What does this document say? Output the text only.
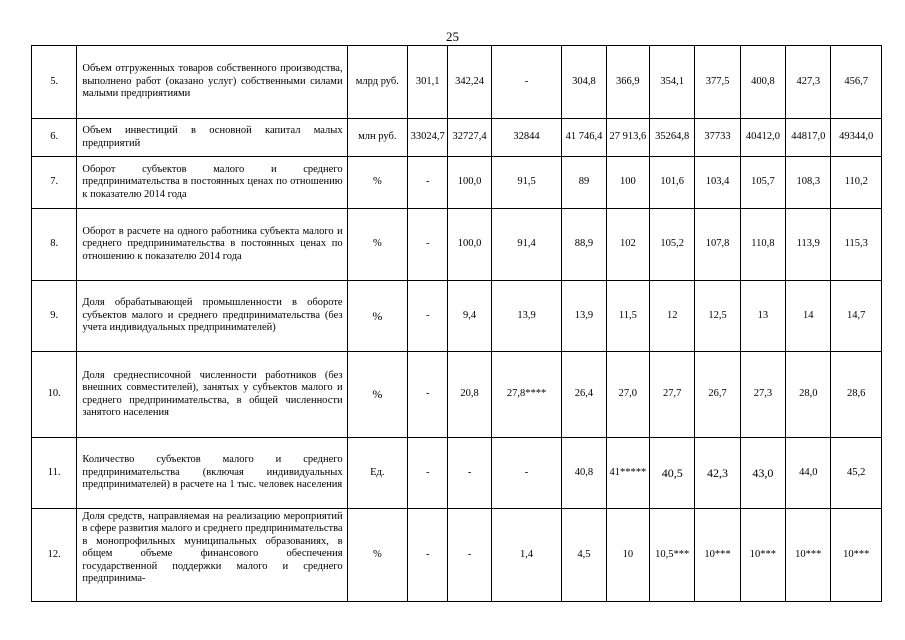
25
5.	Объем отгруженных товаров собственного производства, выполнено работ (оказано услуг) собственными силами малыми предприятиями	млрд руб.	301,1	342,24	-	304,8	366,9	354,1	377,5	400,8	427,3	456,7
6.	Объем инвестиций в основной капитал малых предприятий	млн руб.	33024,7	32727,4	32844	41 746,4	27 913,6	35264,8	37733	40412,0	44817,0	49344,0
7.	Оборот субъектов малого и среднего предпринимательства в постоянных ценах по отношению к показателю 2014 года	%	-	100,0	91,5	89	100	101,6	103,4	105,7	108,3	110,2
8.	Оборот в расчете на одного работника субъекта малого и среднего предпринимательства в постоянных ценах по отношению к показателю 2014 года	%	-	100,0	91,4	88,9	102	105,2	107,8	110,8	113,9	115,3
9.	Доля обрабатывающей промышленности в обороте субъектов малого и среднего предпринимательства (без учета индивидуальных предпринимателей)	%	-	9,4	13,9	13,9	11,5	12	12,5	13	14	14,7
10.	Доля среднесписочной численности работников (без внешних совместителей), занятых у субъектов малого и среднего предпринимательства, в общей численности занятого населения	%	-	20,8	27,8****	26,4	27,0	27,7	26,7	27,3	28,0	28,6
11.	Количество субъектов малого и среднего предпринимательства (включая индивидуальных предпринимателей) в расчете на 1 тыс. человек населения	Ед.	-	-	-	40,8	41*****	40,5	42,3	43,0	44,0	45,2
12.	Доля средств, направляемая на реализацию мероприятий в сфере развития малого и среднего предпринимательства в монопрофильных муниципальных образованиях, в общем объеме финансового обеспечения государственной поддержки малого и среднего предпринима-	%	-	-	1,4	4,5	10	10,5***	10***	10***	10***	10***
